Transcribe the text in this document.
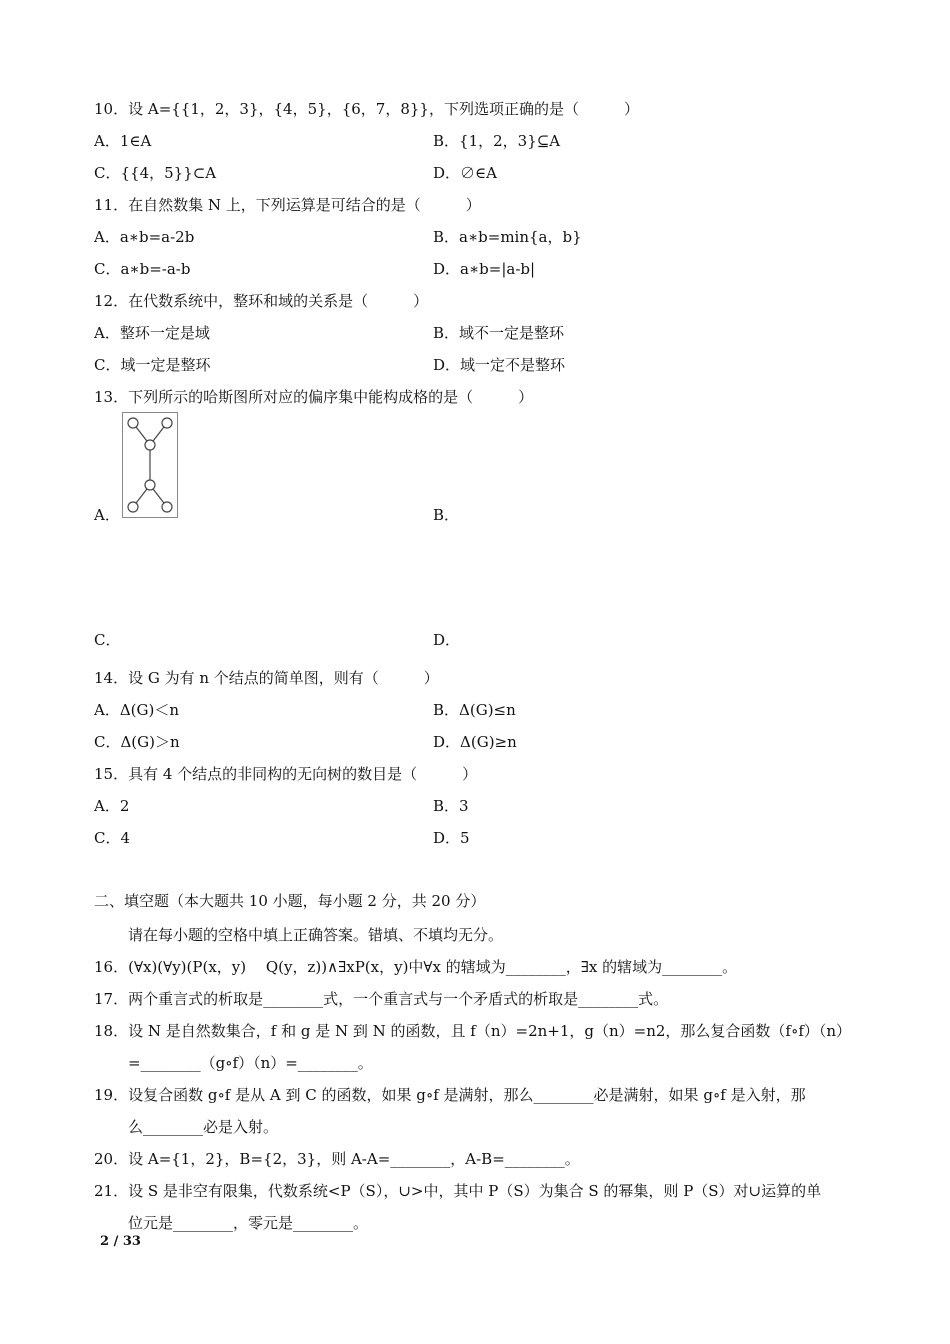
10．设 A={{1，2，3}，{4，5}，{6，7，8}}，下列选项正确的是（　　　）
A．1∈A	B．{1，2，3}⊆A
C．{{4，5}}⊂A	D．∅∈A
11．在自然数集 N 上，下列运算是可结合的是（　　　）
A．a∗b=a-2b	B．a∗b=min{a，b}
C．a∗b=-a-b	D．a∗b=|a-b|
12．在代数系统中，整环和域的关系是（　　　）
A．整环一定是域	B．域不一定是整环
C．域一定是整环	D．域一定不是整环
13．下列所示的哈斯图所对应的偏序集中能构成格的是（　　　）
A．	B．
C．	D．
14．设 G 为有 n 个结点的简单图，则有（　　　）
A．Δ(G)＜n	B．Δ(G)≤n
C．Δ(G)＞n	D．Δ(G)≥n
15．具有 4 个结点的非同构的无向树的数目是（　　　）
A．2	B．3
C．4	D．5
二、填空题（本大题共 10 小题，每小题 2 分，共 20 分）
请在每小题的空格中填上正确答案。错填、不填均无分。
16．(∀x)(∀y)(P(x，y)　 Q(y，z))∧∃xP(x，y)中∀x 的辖域为________，∃x 的辖域为________。
17．两个重言式的析取是________式，一个重言式与一个矛盾式的析取是________式。
18．设 N 是自然数集合，f 和 g 是 N 到 N 的函数，且 f（n）=2n+1，g（n）=n2，那么复合函数（f∘f）（n）
=________（g∘f）（n）=________。
19．设复合函数 g∘f 是从 A 到 C 的函数，如果 g∘f 是满射，那么________必是满射，如果 g∘f 是入射，那
么________必是入射。
20．设 A={1，2}，B={2，3}，则 A-A=________，A-B=________。
21．设 S 是非空有限集，代数系统<P（S），∪>中，其中 P（S）为集合 S 的幂集，则 P（S）对∪运算的单
位元是________，零元是________。
2 / 33
